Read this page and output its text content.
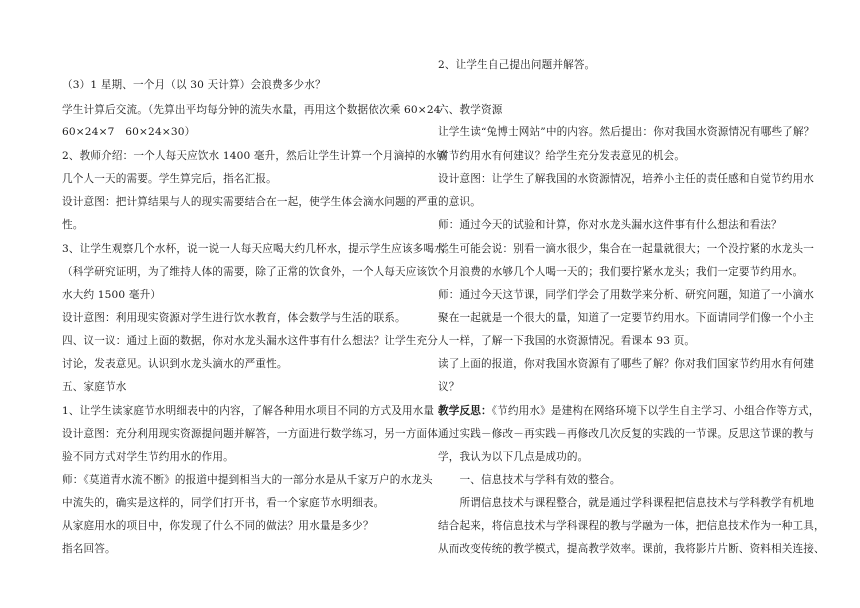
（3）1 星期、一个月（以 30 天计算）会浪费多少水？
学生计算后交流。（先算出平均每分钟的流失水量，再用这个数据依次乘 60×24
60×24×7　60×24×30）
2、教师介绍：一个人每天应饮水 1400 毫升，然后让学生计算一个月滴掉的水够
几个人一天的需要。学生算完后，指名汇报。
设计意图：把计算结果与人的现实需要结合在一起，使学生体会滴水问题的严重
性。
3、让学生观察几个水杯，说一说一人每天应喝大约几杯水，提示学生应该多喝水。
（科学研究证明，为了维持人体的需要，除了正常的饮食外，一个人每天应该饮
水大约 1500 毫升）
设计意图：利用现实资源对学生进行饮水教育，体会数学与生活的联系。
四、议一议：通过上面的数据，你对水龙头漏水这件事有什么想法？让学生充分
讨论，发表意见。认识到水龙头滴水的严重性。
五、家庭节水
1、让学生读家庭节水明细表中的内容，了解各种用水项目不同的方式及用水量
设计意图：充分利用现实资源提问题并解答，一方面进行数学练习，另一方面体
验不同方式对学生节约用水的作用。
师：《莫道青水流不断》的报道中提到相当大的一部分水是从千家万户的水龙头
中流失的，确实是这样的，同学们打开书，看一个家庭节水明细表。
从家庭用水的项目中，你发现了什么不同的做法？用水量是多少？
指名回答。
2、让学生自己提出问题并解答。
六、教学资源
让学生读“兔博士网站”中的内容。然后提出：你对我国水资源情况有哪些了解？
对节约用水有何建议？给学生充分发表意见的机会。
设计意图：让学生了解我国的水资源情况，培养小主任的责任感和自觉节约用水
的意识。
师：通过今天的试验和计算，你对水龙头漏水这件事有什么想法和看法？
学生可能会说：别看一滴水很少，集合在一起量就很大；一个没拧紧的水龙头一
个月浪费的水够几个人喝一天的；我们要拧紧水龙头；我们一定要节约用水。
师：通过今天这节课，同学们学会了用数学来分析、研究问题，知道了一小滴水
聚在一起就是一个很大的量，知道了一定要节约用水。下面请同学们像一个小主
人一样，了解一下我国的水资源情况。看课本 93 页。
读了上面的报道，你对我国水资源有了哪些了解？你对我们国家节约用水有何建
议？
教学反思：《节约用水》是建构在网络环境下以学生自主学习、小组合作等方式，
通过实践－修改－再实践－再修改几次反复的实践的一节课。反思这节课的教与
学，我认为以下几点是成功的。
　　一、信息技术与学科有效的整合。
　　所谓信息技术与课程整合，就是通过学科课程把信息技术与学科教学有机地
结合起来，将信息技术与学科课程的教与学融为一体，把信息技术作为一种工具，
从而改变传统的教学模式，提高教学效率。课前，我将影片片断、资料相关连接、
